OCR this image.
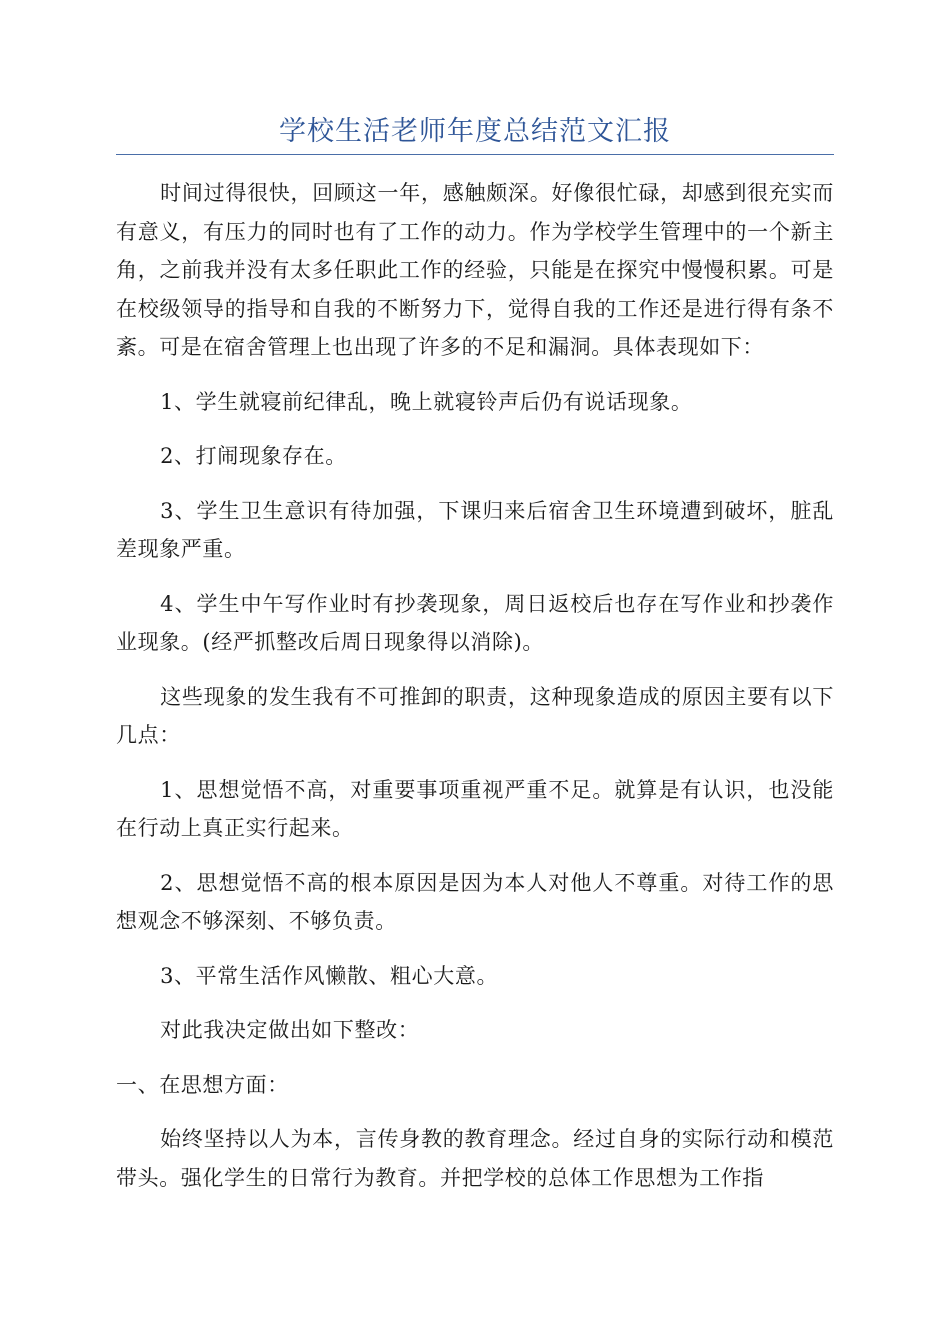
学校生活老师年度总结范文汇报

时间过得很快，回顾这一年，感触颇深。好像很忙碌，却感到很充实而有意义，有压力的同时也有了工作的动力。作为学校学生管理中的一个新主角，之前我并没有太多任职此工作的经验，只能是在探究中慢慢积累。可是在校级领导的指导和自我的不断努力下，觉得自我的工作还是进行得有条不紊。可是在宿舍管理上也出现了许多的不足和漏洞。具体表现如下：

1、学生就寝前纪律乱，晚上就寝铃声后仍有说话现象。

2、打闹现象存在。

3、学生卫生意识有待加强，下课归来后宿舍卫生环境遭到破坏，脏乱差现象严重。

4、学生中午写作业时有抄袭现象，周日返校后也存在写作业和抄袭作业现象。(经严抓整改后周日现象得以消除)。

这些现象的发生我有不可推卸的职责，这种现象造成的原因主要有以下几点：

1、思想觉悟不高，对重要事项重视严重不足。就算是有认识，也没能在行动上真正实行起来。

2、思想觉悟不高的根本原因是因为本人对他人不尊重。对待工作的思想观念不够深刻、不够负责。

3、平常生活作风懒散、粗心大意。

对此我决定做出如下整改：

一、在思想方面：

始终坚持以人为本，言传身教的教育理念。经过自身的实际行动和模范带头。强化学生的日常行为教育。并把学校的总体工作思想为工作指
